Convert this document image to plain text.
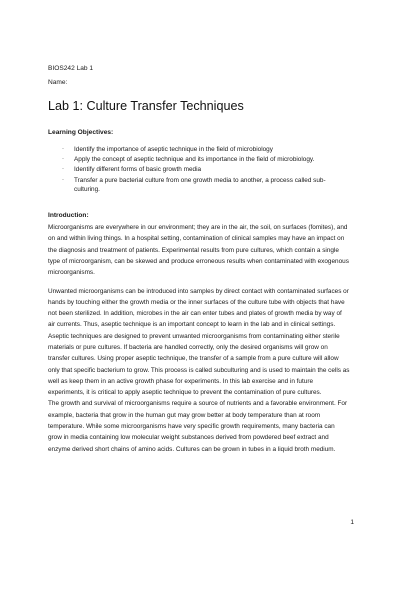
BIOS242 Lab 1

Name:

Lab 1: Culture Transfer Techniques

Learning Objectives:

· Identify the importance of aseptic technique in the field of microbiology
· Apply the concept of aseptic technique and its importance in the field of microbiology.
· Identify different forms of basic growth media
· Transfer a pure bacterial culture from one growth media to another, a process called sub-culturing.

Introduction:

Microorganisms are everywhere in our environment; they are in the air, the soil, on surfaces (fomites), and on and within living things. In a hospital setting, contamination of clinical samples may have an impact on the diagnosis and treatment of patients. Experimental results from pure cultures, which contain a single type of microorganism, can be skewed and produce erroneous results when contaminated with exogenous microorganisms.

Unwanted microorganisms can be introduced into samples by direct contact with contaminated surfaces or hands by touching either the growth media or the inner surfaces of the culture tube with objects that have not been sterilized. In addition, microbes in the air can enter tubes and plates of growth media by way of air currents. Thus, aseptic technique is an important concept to learn in the lab and in clinical settings.

Aseptic techniques are designed to prevent unwanted microorganisms from contaminating either sterile materials or pure cultures. If bacteria are handled correctly, only the desired organisms will grow on transfer cultures. Using proper aseptic technique, the transfer of a sample from a pure culture will allow only that specific bacterium to grow. This process is called subculturing and is used to maintain the cells as well as keep them in an active growth phase for experiments. In this lab exercise and in future experiments, it is critical to apply aseptic technique to prevent the contamination of pure cultures.

The growth and survival of microorganisms require a source of nutrients and a favorable environment. For example, bacteria that grow in the human gut may grow better at body temperature than at room temperature. While some microorganisms have very specific growth requirements, many bacteria can grow in media containing low molecular weight substances derived from powdered beef extract and enzyme derived short chains of amino acids. Cultures can be grown in tubes in a liquid broth medium.

1
